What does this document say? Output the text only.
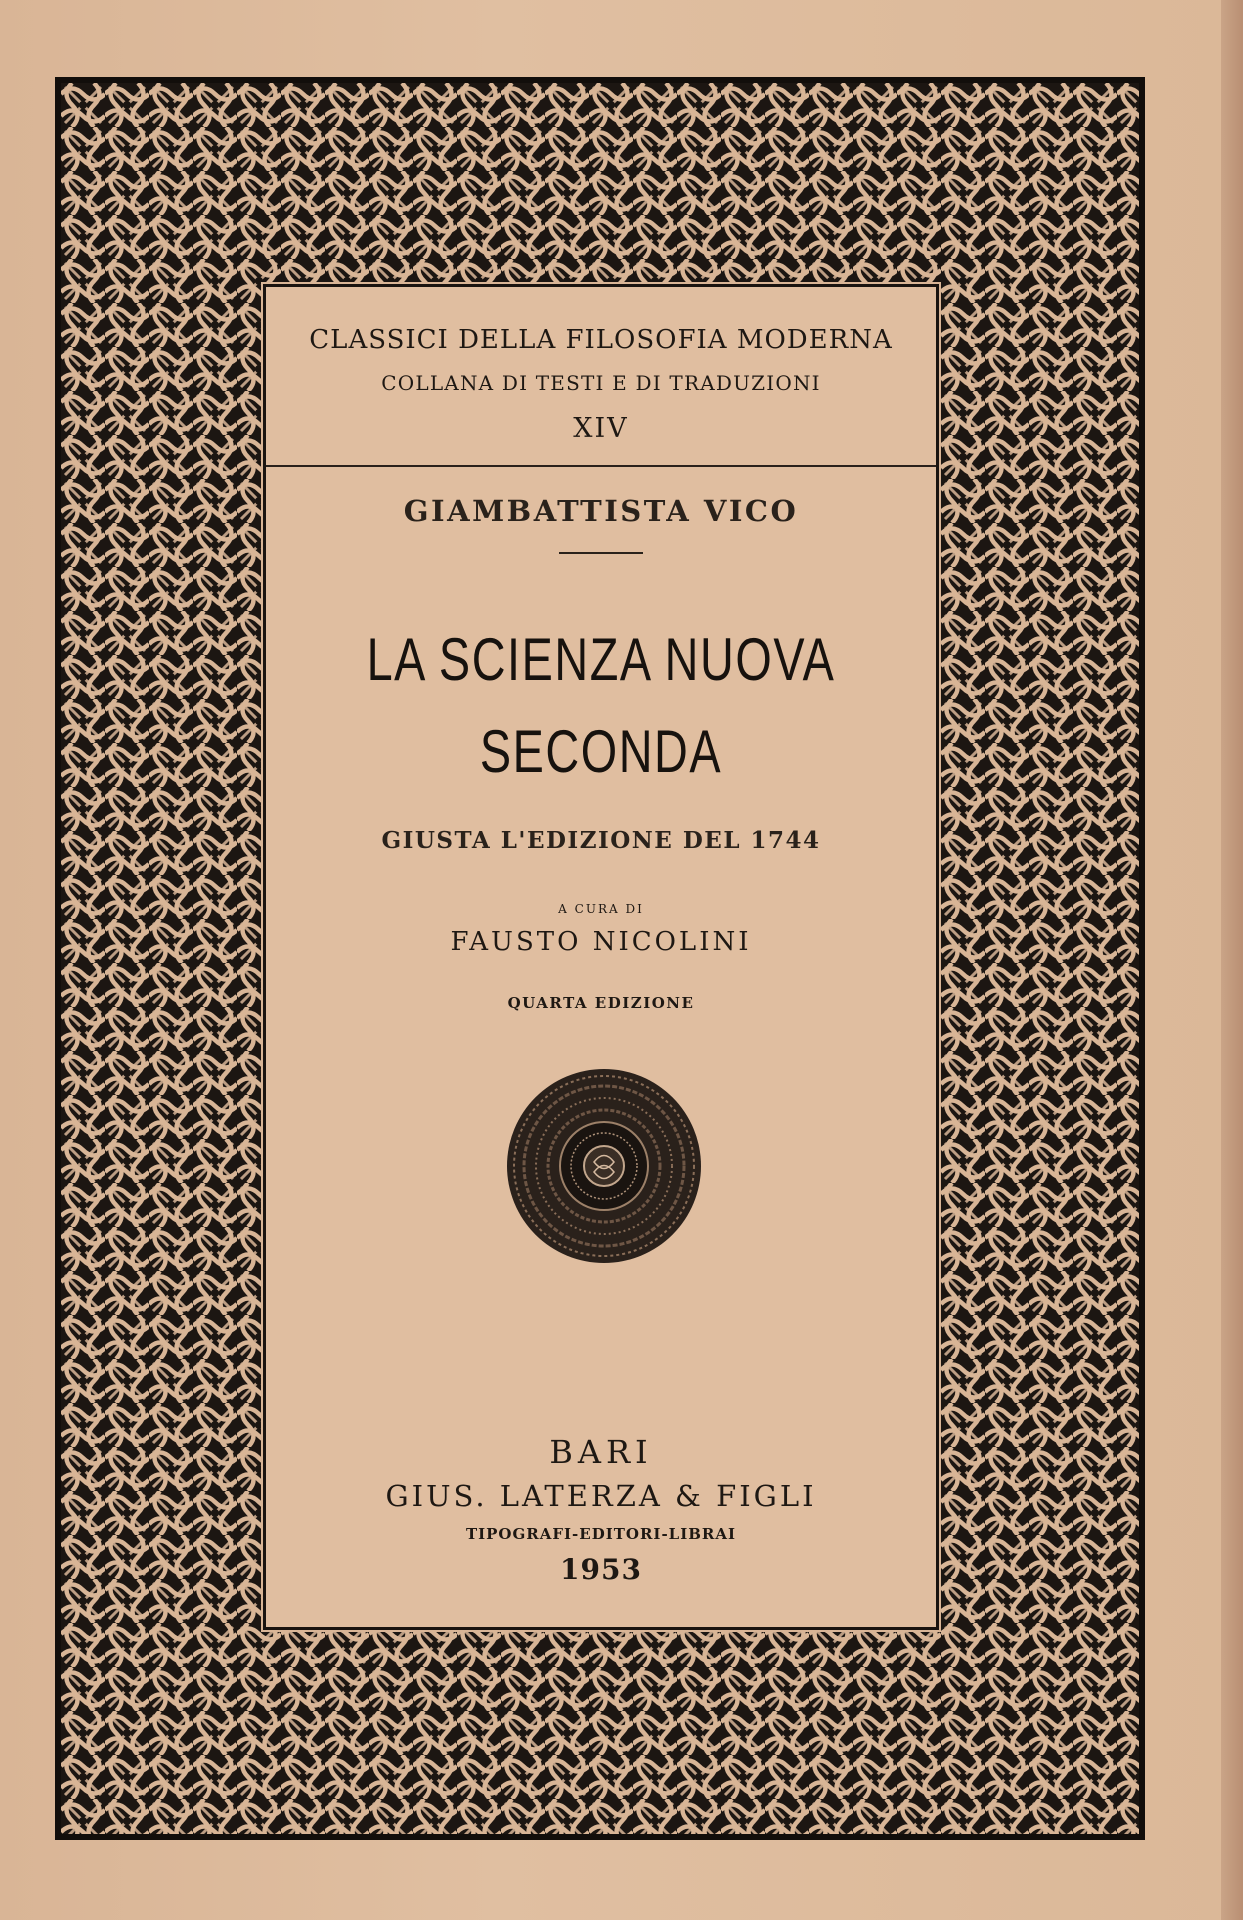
CLASSICI DELLA FILOSOFIA MODERNA
COLLANA DI TESTI E DI TRADUZIONI
XIV
GIAMBATTISTA VICO
LA SCIENZA NUOVA
SECONDA
GIUSTA L'EDIZIONE DEL 1744
A CURA DI
FAUSTO NICOLINI
QUARTA EDIZIONE
BARI
GIUS. LATERZA & FIGLI
TIPOGRAFI-EDITORI-LIBRAI
1953
